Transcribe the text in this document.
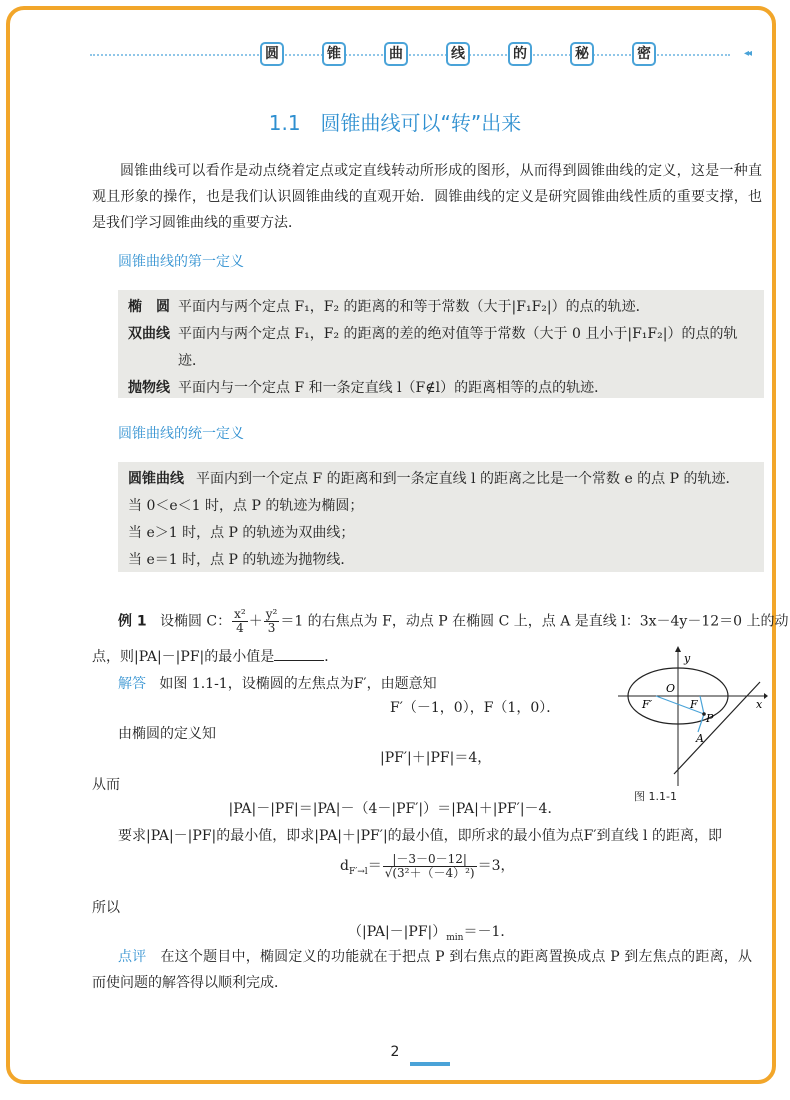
圆	锥	曲	线	的	秘	密	◂◂
1.1　圆锥曲线可以“转”出来
圆锥曲线可以看作是动点绕着定点或定直线转动所形成的图形，从而得到圆锥曲线的定义，这是一种直观且形象的操作，也是我们认识圆锥曲线的直观开始．圆锥曲线的定义是研究圆锥曲线性质的重要支撑，也是我们学习圆锥曲线的重要方法．
圆锥曲线的第一定义
椭　圆 平面内与两个定点 F₁，F₂ 的距离的和等于常数（大于|F₁F₂|）的点的轨迹．
双曲线 平面内与两个定点 F₁，F₂ 的距离的差的绝对值等于常数（大于 0 且小于|F₁F₂|）的点的轨迹．
抛物线 平面内与一个定点 F 和一条定直线 l（F∉l）的距离相等的点的轨迹．
圆锥曲线的统一定义
圆锥曲线 平面内到一个定点 F 的距离和到一条定直线 l 的距离之比是一个常数 e 的点 P 的轨迹．
当 0＜e＜1 时，点 P 的轨迹为椭圆；
当 e＞1 时，点 P 的轨迹为双曲线；
当 e＝1 时，点 P 的轨迹为抛物线．
例 1 设椭圆 C： $\frac{\text{x²}}{4} + \frac{\text{y²}}{3} =1$ 的右焦点为 F，动点 P 在椭圆 C 上，点 A 是直线 l：3x－4y－12＝0 上的动
点，则|PA|－|PF|的最小值是	．
解答 如图 1.1-1，设椭圆的左焦点为F′，由题意知
F′（－1，0），F（1，0）．
由椭圆的定义知
|PF′|＋|PF|＝4，
从而
|PA|－|PF|＝|PA|－（4－|PF′|）＝|PA|＋|PF′|－4．
要求|PA|－|PF|的最小值，即求|PA|＋|PF′|的最小值，即所求的最小值为点F′到直线 l 的距离，即
$d_{F'\to l}= \frac{|-3-0-12|}{\text{√(3²＋（－4）²)}} =3$，
所以
$(|PA|-|PF|)_{min}=-1$．
点评 在这个题目中，椭圆定义的功能就在于把点 P 到右焦点的距离置换成点 P 到左焦点的距离，从而使问题的解答得以顺利完成．
y
x
O
F′	F
P
A
图 1.1-1
2
